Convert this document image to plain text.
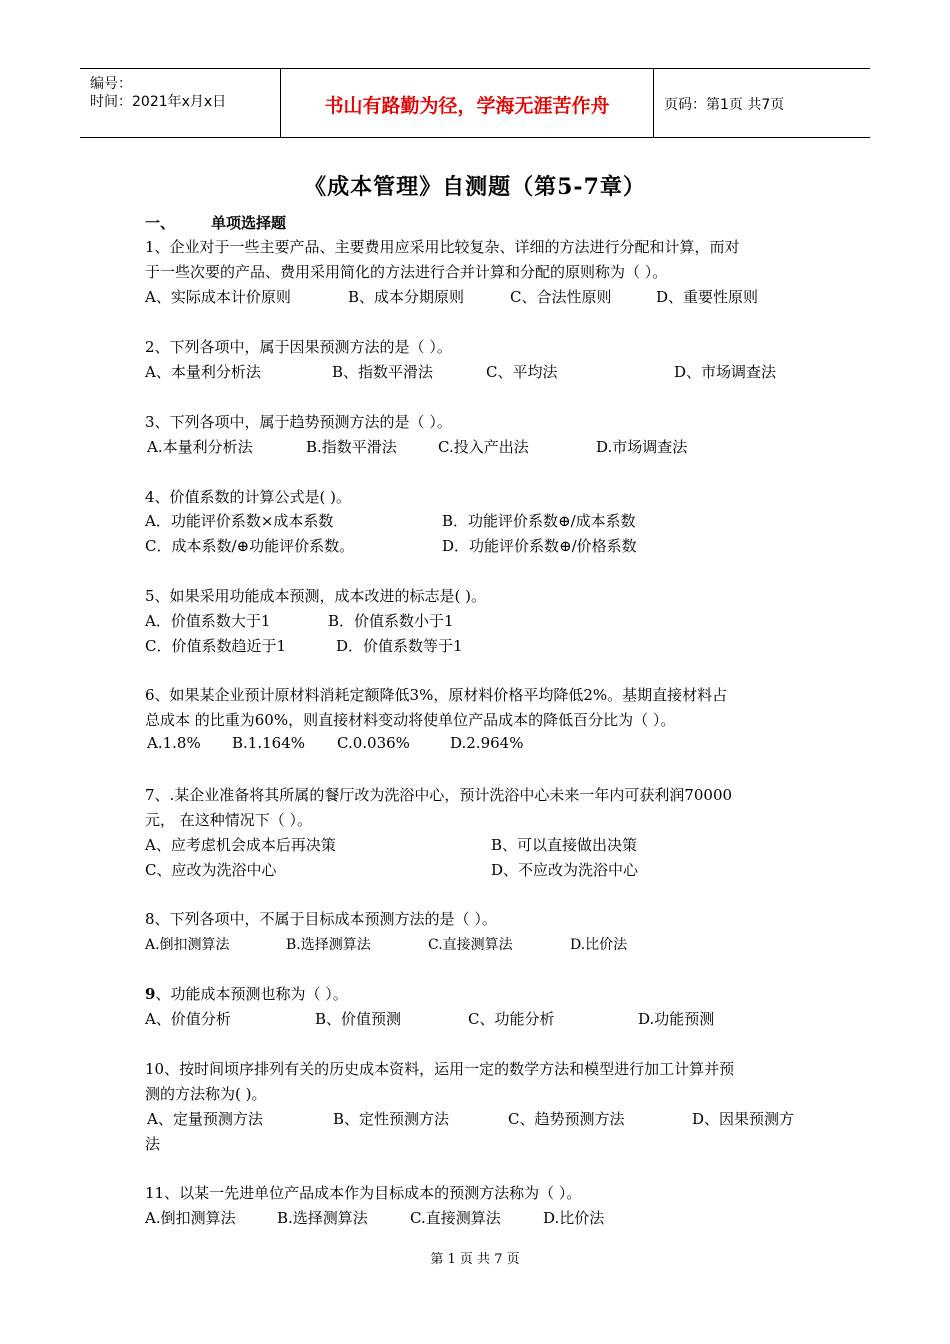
编号：
时间：2021年x月x日	书山有路勤为径，学海无涯苦作舟	页码：第1页 共7页
《成本管理》自测题（第5-7章）
一、 单项选择题
1、企业对于一些主要产品、主要费用应采用比较复杂、详细的方法进行分配和计算，而对
于一些次要的产品、费用采用简化的方法进行合并计算和分配的原则称为（ ）。
A、实际成本计价原则	B、成本分期原则	C、合法性原则	D、重要性原则
2、下列各项中，属于因果预测方法的是（ ）。
A、本量利分析法	B、指数平滑法	C、平均法	D、市场调查法
3、下列各项中，属于趋势预测方法的是（ ）。
A.本量利分析法	B.指数平滑法	C.投入产出法	D.市场调查法
4、价值系数的计算公式是( )。
A．功能评价系数×成本系数	B．功能评价系数⊕/成本系数
C．成本系数/⊕功能评价系数。	D．功能评价系数⊕/价格系数
5、如果采用功能成本预测，成本改进的标志是( )。
A．价值系数大于1	B．价值系数小于1
C．价值系数趋近于1	D．价值系数等于1
6、如果某企业预计原材料消耗定额降低3%，原材料价格平均降低2%。基期直接材料占
总成本 的比重为60%，则直接材料变动将使单位产品成本的降低百分比为（ ）。
A.1.8% B.1.164% C.0.036%	D.2.964%
7、.某企业准备将其所属的餐厅改为洗浴中心，预计洗浴中心未来一年内可获利润70000
元， 在这种情况下（ ）。
A、应考虑机会成本后再决策	B、可以直接做出决策
C、应改为洗浴中心	D、不应改为洗浴中心
8、下列各项中，不属于目标成本预测方法的是（ ）。
A.倒扣测算法	B.选择测算法	C.直接测算法	D.比价法
9、功能成本预测也称为（ ）。
A、价值分析	B、价值预测	C、功能分析	D.功能预测
10、按时间顷序排列有关的历史成本资料，运用一定的数学方法和模型进行加工计算并预
测的方法称为( )。
A、定量预测方法	B、定性预测方法	C、趋势预测方法	D、因果预测方
法
11、以某一先进单位产品成本作为目标成本的预测方法称为（ ）。
A.倒扣测算法	B.选择测算法	C.直接测算法	D.比价法
第 1 页 共 7 页
